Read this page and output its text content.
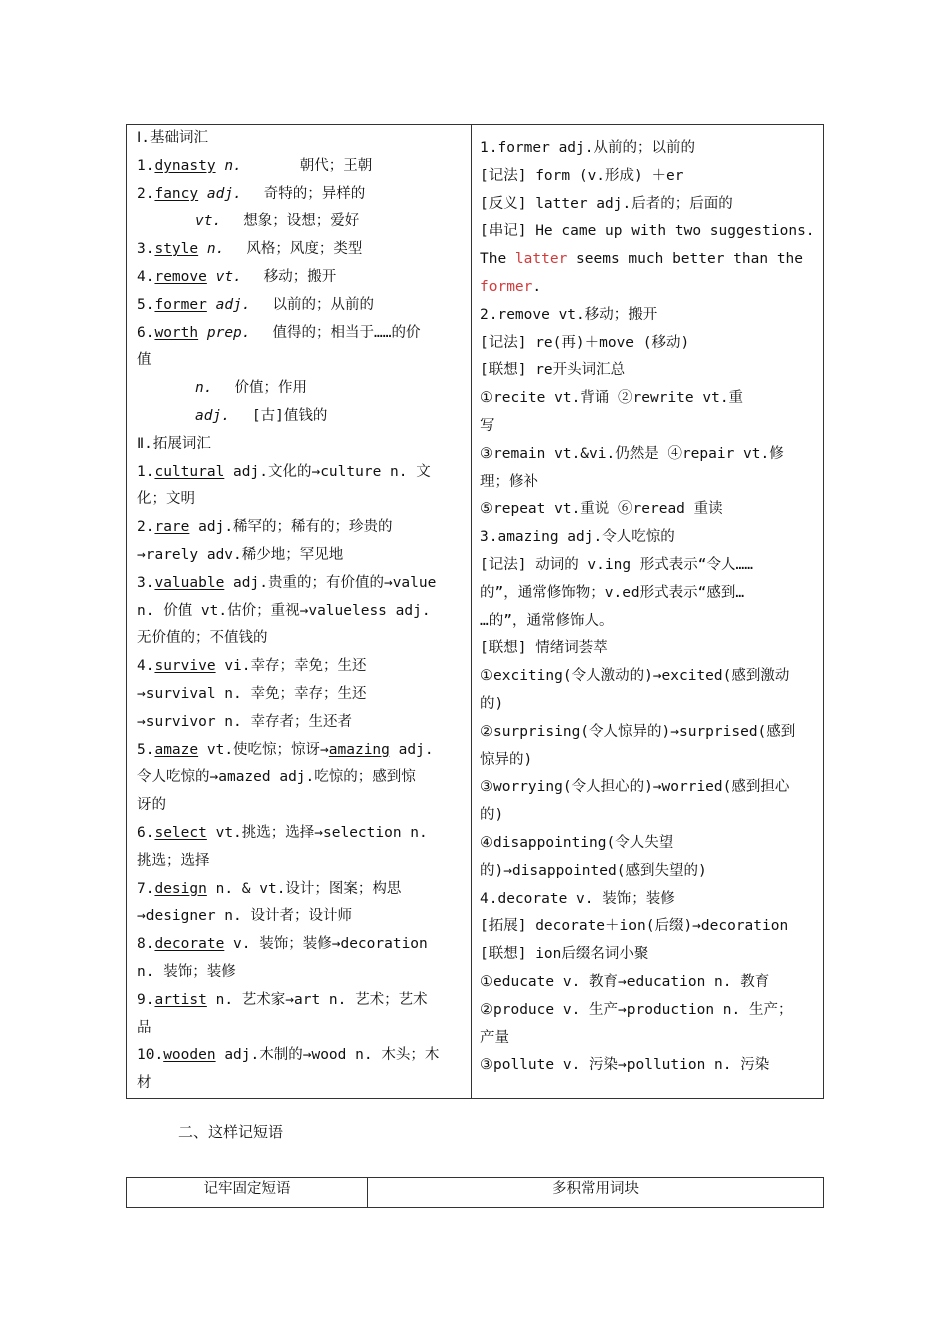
Ⅰ.基础词汇
1.dynasty n.	朝代；王朝
2.fancy adj. 奇特的；异样的
vt. 想象；设想；爱好
3.style n. 风格；风度；类型
4.remove vt. 移动；搬开
5.former adj. 以前的；从前的
6.worth prep. 值得的；相当于……的价
值
n. 价值；作用
adj. [古]值钱的
Ⅱ.拓展词汇
1.cultural adj.文化的→culture n. 文
化；文明
2.rare adj.稀罕的；稀有的；珍贵的
→rarely adv.稀少地；罕见地
3.valuable adj.贵重的；有价值的→value
n. 价值 vt.估价；重视→valueless adj.
无价值的；不值钱的
4.survive vi.幸存；幸免；生还
→survival n. 幸免；幸存；生还
→survivor n. 幸存者；生还者
5.amaze vt.使吃惊；惊讶→amazing adj.
令人吃惊的→amazed adj.吃惊的；感到惊
讶的
6.select vt.挑选；选择→selection n.
挑选；选择
7.design n. & vt.设计；图案；构思
→designer n. 设计者；设计师
8.decorate v. 装饰；装修→decoration
n. 装饰；装修
9.artist n. 艺术家→art n. 艺术；艺术
品
10.wooden adj.木制的→wood n. 木头；木
材
1.former adj.从前的；以前的
[记法] form (v.形成) ＋er
[反义] latter adj.后者的；后面的
[串记] He came up with two suggestions.
The latter seems much better than the
former.
2.remove vt.移动；搬开
[记法] re(再)＋move (移动)
[联想] re开头词汇总
①recite vt.背诵 ②rewrite vt.重
写
③remain vt.&vi.仍然是 ④repair vt.修
理；修补
⑤repeat vt.重说 ⑥reread 重读
3.amazing adj.令人吃惊的
[记法] 动词的 v.ing 形式表示“令人……
的”，通常修饰物；v.ed形式表示“感到…
…的”，通常修饰人。
[联想] 情绪词荟萃
①exciting(令人激动的)→excited(感到激动
的)
②surprising(令人惊异的)→surprised(感到
惊异的)
③worrying(令人担心的)→worried(感到担心
的)
④disappointing(令人失望
的)→disappointed(感到失望的)
4.decorate v. 装饰；装修
[拓展] decorate＋ion(后缀)→decoration
[联想] ion后缀名词小聚
①educate v. 教育→education n. 教育
②produce v. 生产→production n. 生产；
产量
③pollute v. 污染→pollution n. 污染
二、这样记短语
记牢固定短语	多积常用词块
